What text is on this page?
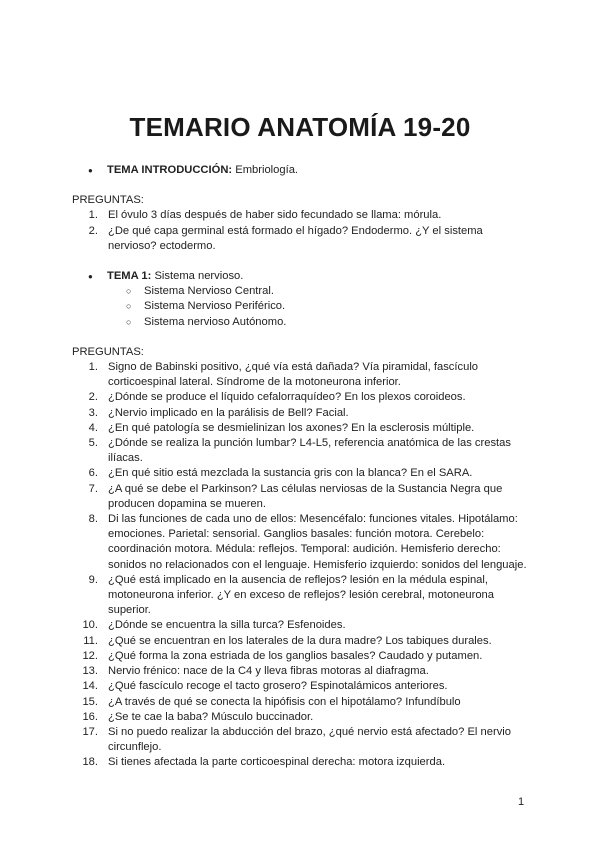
TEMARIO ANATOMÍA 19-20
● TEMA INTRODUCCIÓN: Embriología.
PREGUNTAS:
1. El óvulo 3 días después de haber sido fecundado se llama: mórula.
2. ¿De qué capa germinal está formado el hígado? Endodermo. ¿Y el sistema nervioso? ectodermo.
● TEMA 1: Sistema nervioso.
○ Sistema Nervioso Central.
○ Sistema Nervioso Periférico.
○ Sistema nervioso Autónomo.
PREGUNTAS:
1. Signo de Babinski positivo, ¿qué vía está dañada? Vía piramidal, fascículo corticoespinal lateral. Síndrome de la motoneurona inferior.
2. ¿Dónde se produce el líquido cefalorraquídeo? En los plexos coroideos.
3. ¿Nervio implicado en la parálisis de Bell? Facial.
4. ¿En qué patología se desmielinizan los axones? En la esclerosis múltiple.
5. ¿Dónde se realiza la punción lumbar? L4-L5, referencia anatómica de las crestas ilíacas.
6. ¿En qué sitio está mezclada la sustancia gris con la blanca? En el SARA.
7. ¿A qué se debe el Parkinson? Las células nerviosas de la Sustancia Negra que producen dopamina se mueren.
8. Di las funciones de cada uno de ellos: Mesencéfalo: funciones vitales. Hipotálamo: emociones. Parietal: sensorial. Ganglios basales: función motora. Cerebelo: coordinación motora. Médula: reflejos. Temporal: audición. Hemisferio derecho: sonidos no relacionados con el lenguaje. Hemisferio izquierdo: sonidos del lenguaje.
9. ¿Qué está implicado en la ausencia de reflejos? lesión en la médula espinal, motoneurona inferior. ¿Y en exceso de reflejos? lesión cerebral, motoneurona superior.
10. ¿Dónde se encuentra la silla turca? Esfenoides.
11. ¿Qué se encuentran en los laterales de la dura madre? Los tabiques durales.
12. ¿Qué forma la zona estriada de los ganglios basales? Caudado y putamen.
13. Nervio frénico: nace de la C4 y lleva fibras motoras al diafragma.
14. ¿Qué fascículo recoge el tacto grosero? Espinotalámicos anteriores.
15. ¿A través de qué se conecta la hipófisis con el hipotálamo? Infundíbulo
16. ¿Se te cae la baba? Músculo buccinador.
17. Si no puedo realizar la abducción del brazo, ¿qué nervio está afectado? El nervio circunflejo.
18. Si tienes afectada la parte corticoespinal derecha: motora izquierda.
1
